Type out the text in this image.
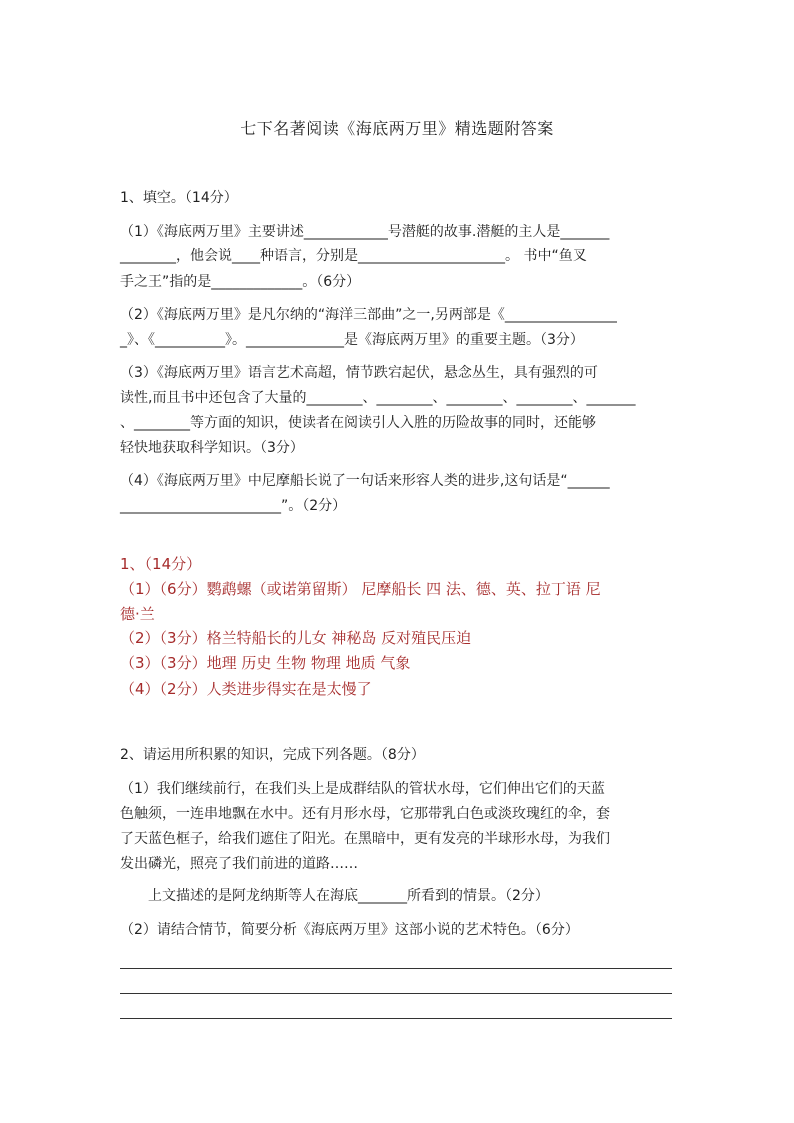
七下名著阅读《海底两万里》精选题附答案
1、填空。（14分）
（1）《海底两万里》主要讲述____________号潜艇的故事.潜艇的主人是_______
________，他会说____种语言，分别是_____________________。 书中“鱼叉
手之王”指的是_____________。（6分）
（2）《海底两万里》是凡尔纳的“海洋三部曲”之一,另两部是《________________
_》、《__________》。______________是《海底两万里》的重要主题。（3分）
（3）《海底两万里》语言艺术高超，情节跌宕起伏，悬念丛生，具有强烈的可
读性,而且书中还包含了大量的________、________、________、________、_______
、________等方面的知识，使读者在阅读引人入胜的历险故事的同时，还能够
轻快地获取科学知识。（3分）
（4）《海底两万里》中尼摩船长说了一句话来形容人类的进步,这句话是“______
_______________________”。（2分）
1、（14分）
（1）（6分）鹦鹉螺（或诺第留斯） 尼摩船长 四 法、德、英、拉丁语 尼
德·兰
（2）（3分）格兰特船长的儿女 神秘岛 反对殖民压迫
（3）（3分）地理 历史 生物 物理 地质 气象
（4）（2分）人类进步得实在是太慢了
2、请运用所积累的知识，完成下列各题。（8分）
（1）我们继续前行，在我们头上是成群结队的管状水母，它们伸出它们的天蓝
色触须，一连串地飘在水中。还有月形水母，它那带乳白色或淡玫瑰红的伞，套
了天蓝色框子，给我们遮住了阳光。在黑暗中，更有发亮的半球形水母，为我们
发出磷光，照亮了我们前进的道路……
上文描述的是阿龙纳斯等人在海底_______所看到的情景。（2分）
（2）请结合情节，简要分析《海底两万里》这部小说的艺术特色。（6分）
